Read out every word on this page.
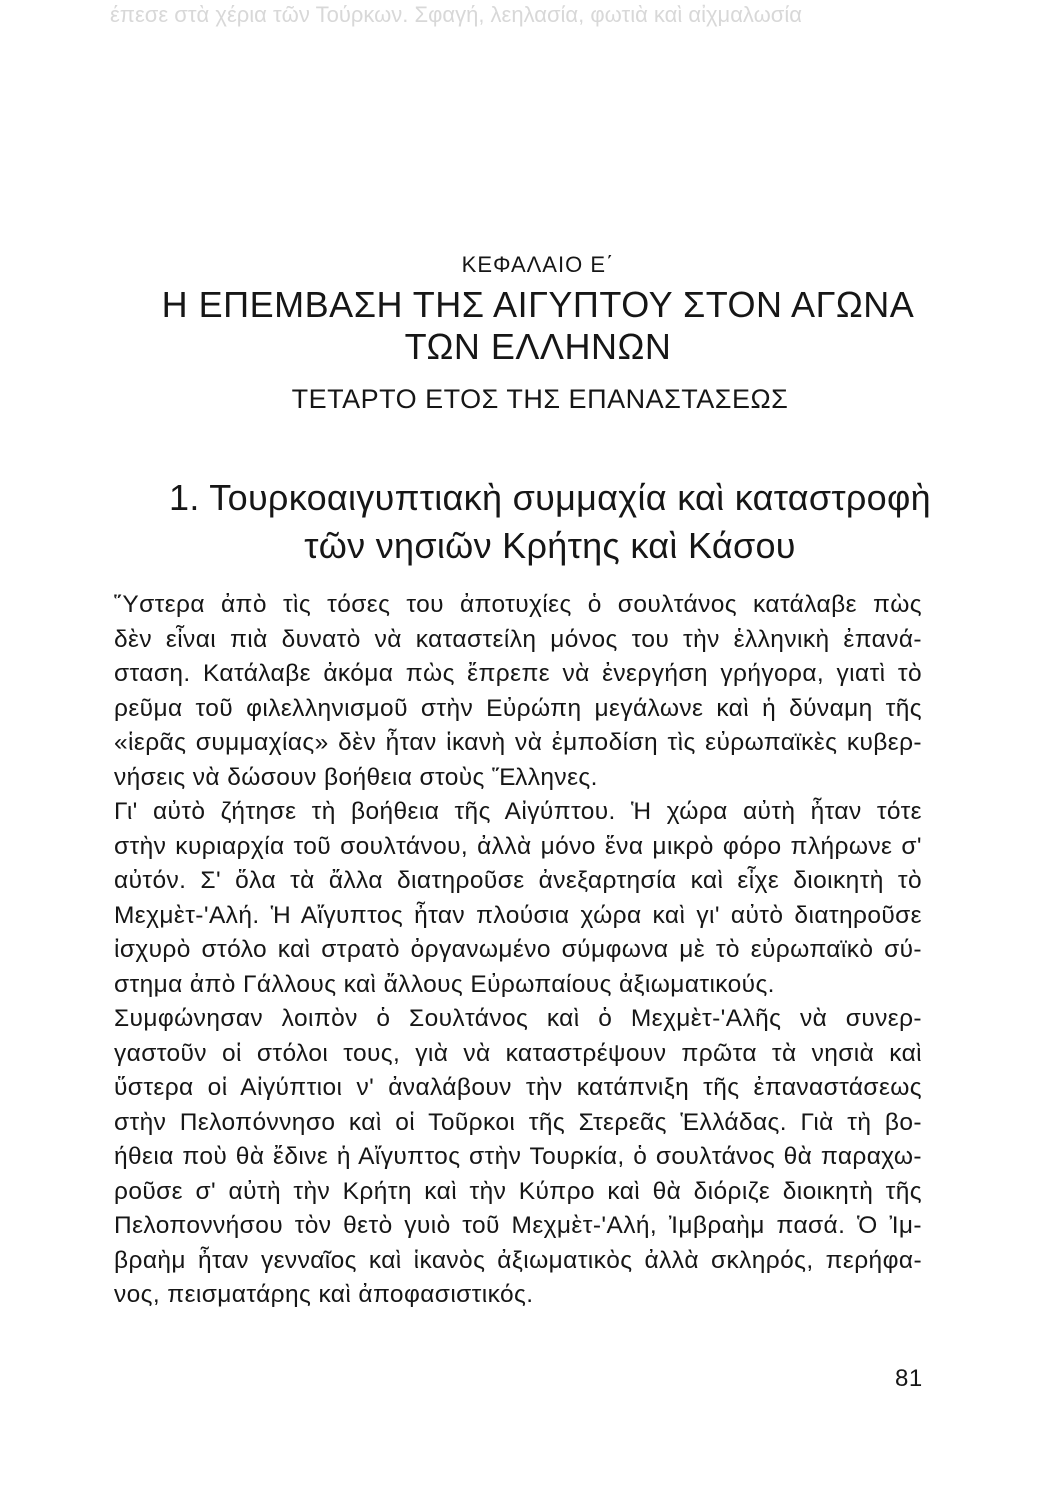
έπεσε στὰ χέρια τῶν Τούρκων. Σφαγή, λεηλασία, φωτιὰ καὶ αἰχμαλωσία
ΚΕΦΑΛΑΙΟ Ε΄
Η ΕΠΕΜΒΑΣΗ ΤΗΣ ΑΙΓΥΠΤΟΥ ΣΤΟΝ ΑΓΩΝΑ
ΤΩΝ ΕΛΛΗΝΩΝ
ΤΕΤΑΡΤΟ ΕΤΟΣ ΤΗΣ ΕΠΑΝΑΣΤΑΣΕΩΣ
1. Τουρκοαιγυπτιακὴ συμμαχία καὶ καταστροφὴ
τῶν νησιῶν Κρήτης καὶ Κάσου
Ὕστερα ἀπὸ τὶς τόσες του ἀποτυχίες ὁ σουλτάνος κατάλαβε πὼς
δὲν εἶναι πιὰ δυνατὸ νὰ καταστείλη μόνος του τὴν ἑλληνικὴ ἐπανά-
σταση. Κατάλαβε ἀκόμα πὼς ἔπρεπε νὰ ἐνεργήση γρήγορα, γιατὶ τὸ
ρεῦμα τοῦ φιλελληνισμοῦ στὴν Εὐρώπη μεγάλωνε καὶ ἡ δύναμη τῆς
«ἱερᾶς συμμαχίας» δὲν ἦταν ἱκανὴ νὰ ἐμποδίση τὶς εὐρωπαϊκὲς κυβερ-
νήσεις νὰ δώσουν βοήθεια στοὺς Ἕλληνες.
Γι' αὐτὸ ζήτησε τὴ βοήθεια τῆς Αἰγύπτου. Ἡ χώρα αὐτὴ ἦταν τότε
στὴν κυριαρχία τοῦ σουλτάνου, ἀλλὰ μόνο ἕνα μικρὸ φόρο πλήρωνε σ'
αὐτόν. Σ' ὅλα τὰ ἄλλα διατηροῦσε ἀνεξαρτησία καὶ εἶχε διοικητὴ τὸ
Μεχμὲτ-'Αλή. Ἡ Αἴγυπτος ἦταν πλούσια χώρα καὶ γι' αὐτὸ διατηροῦσε
ἰσχυρὸ στόλο καὶ στρατὸ ὀργανωμένο σύμφωνα μὲ τὸ εὐρωπαϊκὸ σύ-
στημα ἀπὸ Γάλλους καὶ ἄλλους Εὐρωπαίους ἀξιωματικούς.
Συμφώνησαν λοιπὸν ὁ Σουλτάνος καὶ ὁ Μεχμὲτ-'Αλῆς νὰ συνερ-
γαστοῦν οἱ στόλοι τους, γιὰ νὰ καταστρέψουν πρῶτα τὰ νησιὰ καὶ
ὕστερα οἱ Αἰγύπτιοι ν' ἀναλάβουν τὴν κατάπνιξη τῆς ἐπαναστάσεως
στὴν Πελοπόννησο καὶ οἱ Τοῦρκοι τῆς Στερεᾶς Ἑλλάδας. Γιὰ τὴ βο-
ήθεια ποὺ θὰ ἔδινε ἡ Αἴγυπτος στὴν Τουρκία, ὁ σουλτάνος θὰ παραχω-
ροῦσε σ' αὐτὴ τὴν Κρήτη καὶ τὴν Κύπρο καὶ θὰ διόριζε διοικητὴ τῆς
Πελοποννήσου τὸν θετὸ γυιὸ τοῦ Μεχμὲτ-'Αλή, Ἰμβραὴμ πασά. Ὁ Ἰμ-
βραὴμ ἦταν γενναῖος καὶ ἱκανὸς ἀξιωματικὸς ἀλλὰ σκληρός, περήφα-
νος, πεισματάρης καὶ ἀποφασιστικός.
81
